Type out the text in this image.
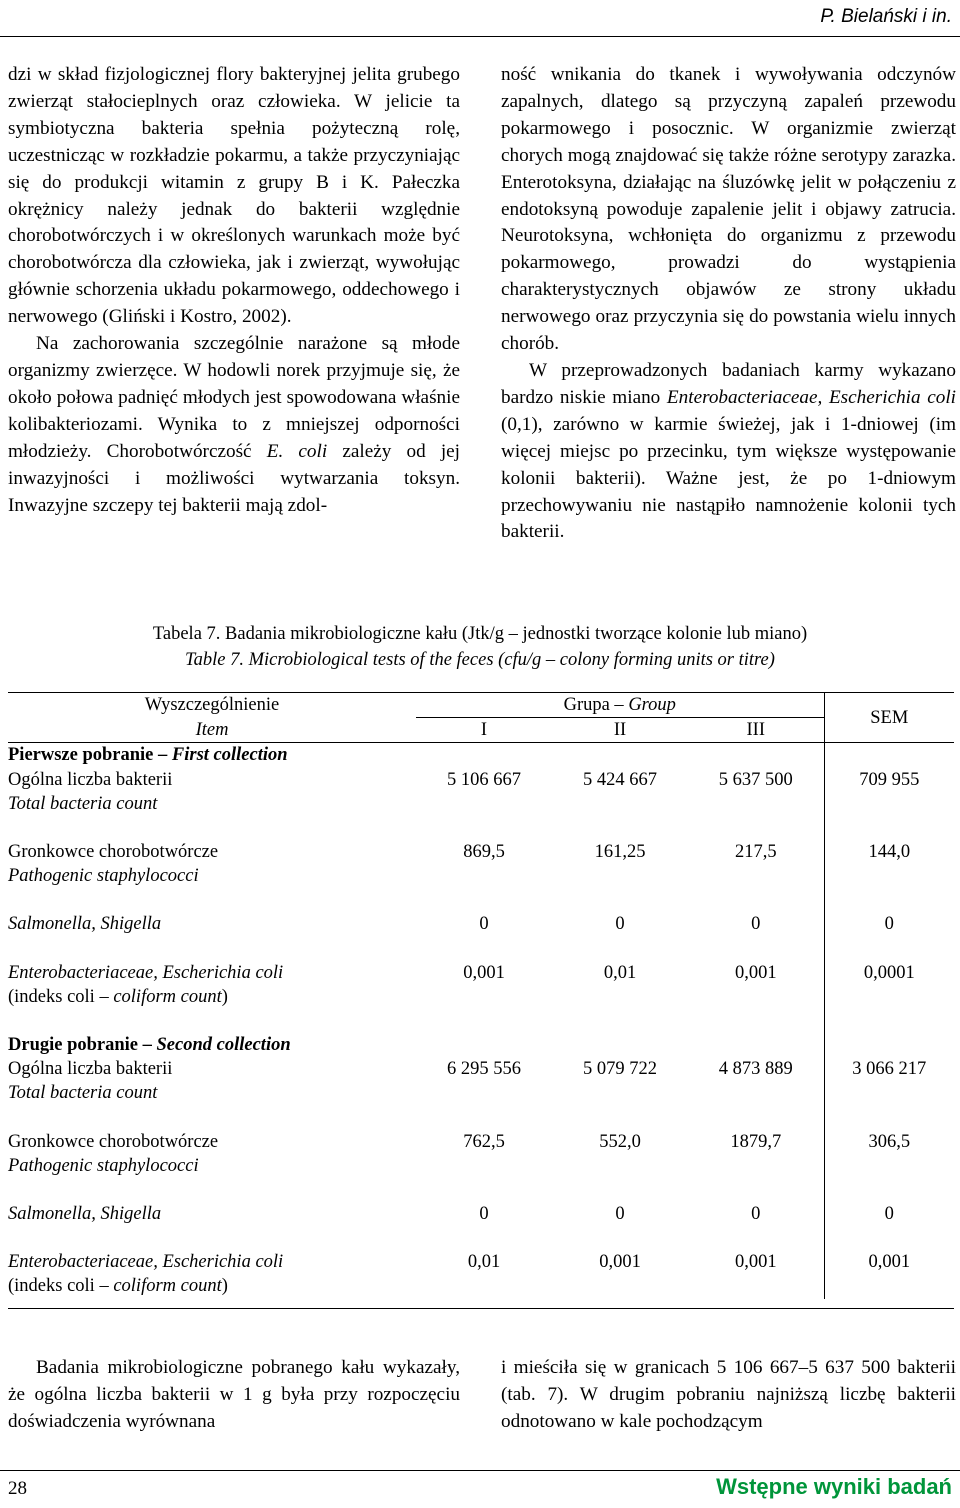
P. Bielański i in.

dzi w skład fizjologicznej flory bakteryjnej jelita grubego zwierząt stałocieplnych oraz człowieka. W jelicie ta symbiotyczna bakteria spełnia pożyteczną rolę, uczestnicząc w rozkładzie pokarmu, a także przyczyniając się do produkcji witamin z grupy B i K. Pałeczka okrężnicy należy jednak do bakterii względnie chorobotwórczych i w określonych warunkach może być chorobotwórcza dla człowieka, jak i zwierząt, wywołując głównie schorzenia układu pokarmowego, oddechowego i nerwowego (Gliński i Kostro, 2002).

Na zachorowania szczególnie narażone są młode organizmy zwierzęce. W hodowli norek przyjmuje się, że około połowa padnięć młodych jest spowodowana właśnie kolibakteriozami. Wynika to z mniejszej odporności młodzieży. Chorobotwórczość E. coli zależy od jej inwazyjności i możliwości wytwarzania toksyn. Inwazyjne szczepy tej bakterii mają zdol-

ność wnikania do tkanek i wywoływania odczynów zapalnych, dlatego są przyczyną zapaleń przewodu pokarmowego i posocznic. W organizmie zwierząt chorych mogą znajdować się także różne serotypy zarazka. Enterotoksyna, działając na śluzówkę jelit w połączeniu z endotoksyną powoduje zapalenie jelit i objawy zatrucia. Neurotoksyna, wchłonięta do organizmu z przewodu pokarmowego, prowadzi do wystąpienia charakterystycznych objawów ze strony układu nerwowego oraz przyczynia się do powstania wielu innych chorób.

W przeprowadzonych badaniach karmy wykazano bardzo niskie miano Enterobacteriaceae, Escherichia coli (0,1), zarówno w karmie świeżej, jak i 1-dniowej (im więcej miejsc po przecinku, tym większe występowanie kolonii bakterii). Ważne jest, że po 1-dniowym przechowywaniu nie nastąpiło namnożenie kolonii tych bakterii.

Tabela 7. Badania mikrobiologiczne kału (Jtk/g – jednostki tworzące kolonie lub miano)
Table 7. Microbiological tests of the feces (cfu/g – colony forming units or titre)
Wyszczególnienie	Grupa – Group			SEM
Item	I	II	III	
Pierwsze pobranie – First collection				
Ogólna liczba bakterii
Total bacteria count	5 106 667	5 424 667	5 637 500	709 955

Gronkowce chorobotwórcze
Pathogenic staphylococci	869,5	161,25	217,5	144,0

Salmonella, Shigella	0	0	0	0

Enterobacteriaceae, Escherichia coli
(indeks coli – coliform count)	0,001	0,01	0,001	0,0001

Drugie pobranie – Second collection				
Ogólna liczba bakterii
Total bacteria count	6 295 556	5 079 722	4 873 889	3 066 217

Gronkowce chorobotwórcze
Pathogenic staphylococci	762,5	552,0	1879,7	306,5

Salmonella, Shigella	0	0	0	0

Enterobacteriaceae, Escherichia coli
(indeks coli – coliform count)	0,01	0,001	0,001	0,001

Badania mikrobiologiczne pobranego kału wykazały, że ogólna liczba bakterii w 1 g była przy rozpoczęciu doświadczenia wyrównana

i mieściła się w granicach 5 106 667–5 637 500 bakterii (tab. 7). W drugim pobraniu najniższą liczbę bakterii odnotowano w kale pochodzącym

28	Wstępne wyniki badań
